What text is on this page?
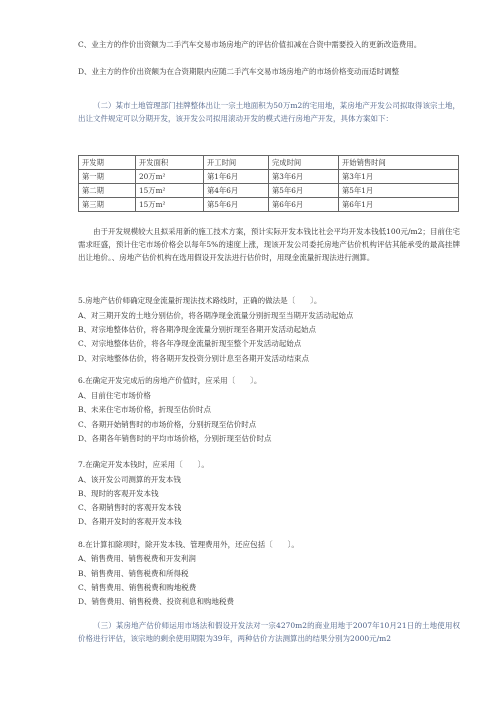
C、业主方的作价出资额为二手汽车交易市场房地产的评估价值扣减在合资中需要投入的更新改造费用。
D、业主方的作价出资额为在合资期限内应随二手汽车交易市场房地产的市场价格变动而适时调整
（二）某市土地管理部门挂牌整体出让一宗土地面积为50万m2的宅用地，某房地产开发公司拟取得该宗土地，出让文件规定可以分期开发，该开发公司拟用滚动开发的模式进行房地产开发，具体方案如下：
开发期	开发面积	开工时间	完成时间	开始销售时间
第一期	20万m²	第1年6月	第3年6月	第3年1月
第二期	15万m²	第4年6月	第5年6月	第5年1月
第三期	15万m²	第5年6月	第6年6月	第6年1月
由于开发规模较大且拟采用新的施工技术方案，预计实际开发本钱比社会平均开发本钱低100元/m2；目前住宅需求旺盛，预计住宅市场价格会以每年5%的速度上涨，现该开发公司委托房地产估价机构评估其能承受的最高挂牌出让地价。、房地产估价机构在选用假设开发法进行估价时，用现金流量折现法进行测算。
5.房地产估价师确定现金流量折现法技术路线时，正确的做法是〔　　〕。
A、对三期开发的土地分别估价，将各期净现金流量分别折现至当期开发活动起始点
B、对宗地整体估价，将各期净现金流量分别折现至各期开发活动起始点
C、对宗地整体估价，将各年净现金流量折现至整个开发活动起始点
D、对宗地整体估价，将各期开发投资分别计息至各期开发活动结束点
6.在确定开发完成后的房地产价值时，应采用〔　　〕。
A、目前住宅市场价格
B、未来住宅市场价格，折现至估价时点
C、各期开始销售时的市场价格，分别折现至估价时点
D、各期各年销售时的平均市场价格，分别折现至估价时点
7.在确定开发本钱时，应采用〔　　〕。
A、该开发公司测算的开发本钱
B、现时的客观开发本钱
C、各期销售时的客观开发本钱
D、各期开发时的客观开发本钱
8.在计算扣除项时，除开发本钱、管理费用外，还应包括〔　　〕。
A、销售费用、销售税费和开发利润
B、销售费用、销售税费和所得税
C、销售费用、销售税费和购地税费
D、销售费用、销售税费、投资利息和购地税费
（三）某房地产估价师运用市场法和假设开发法对一宗4270m2的商业用地于2007年10月21日的土地使用权价格进行评估，该宗地的剩余使用期限为39年，两种估价方法测算出的结果分别为2000元/m2
